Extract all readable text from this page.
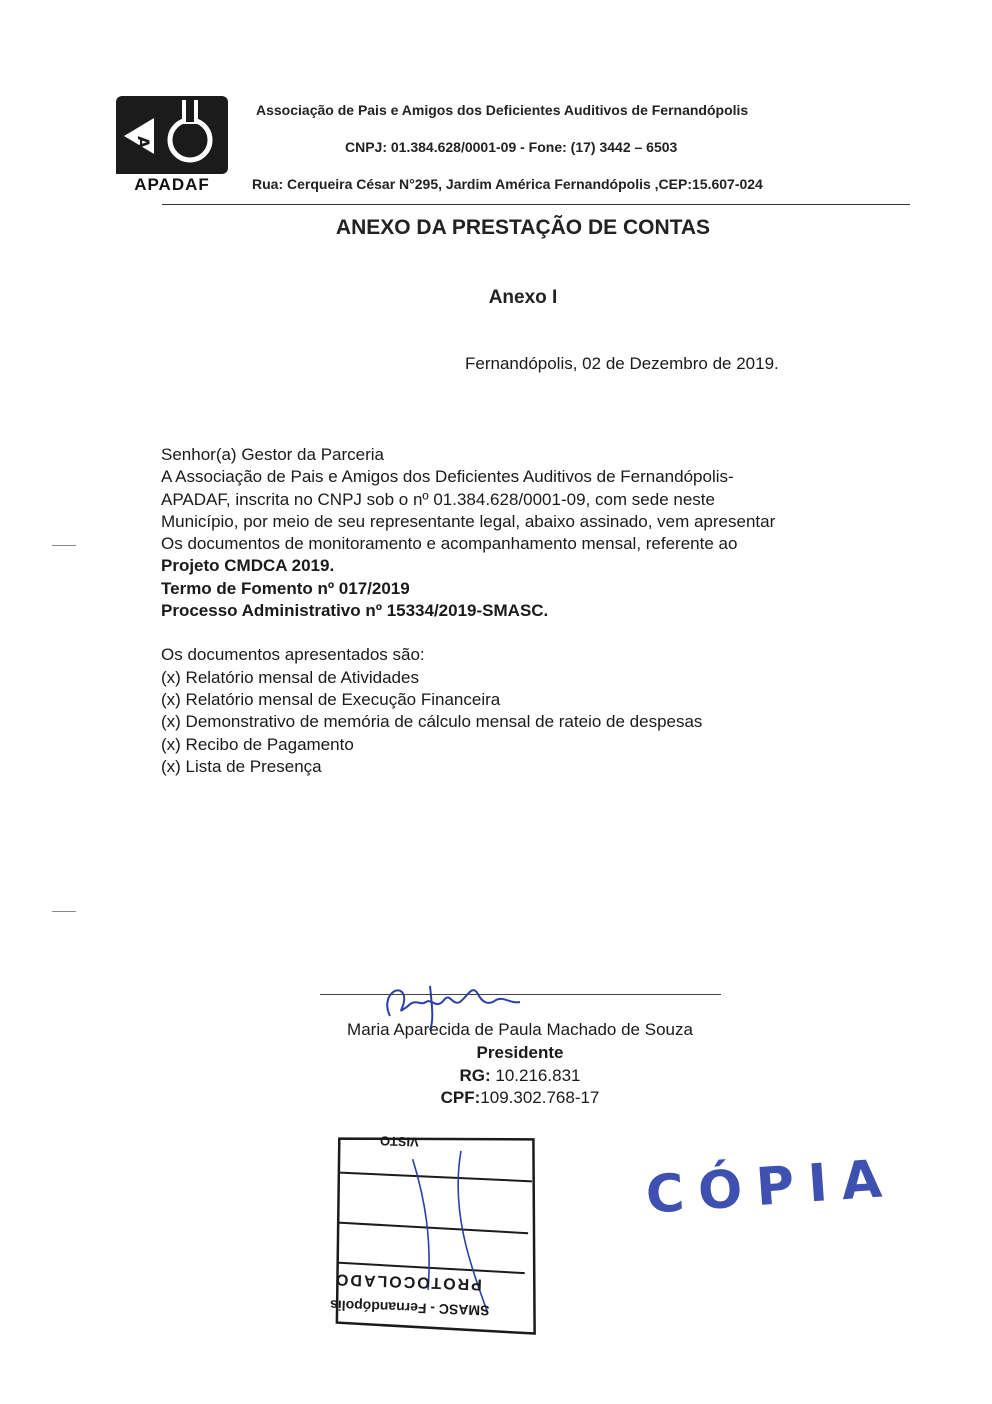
A
APADAF
Associação de Pais e Amigos dos Deficientes Auditivos de Fernandópolis
CNPJ: 01.384.628/0001-09 - Fone: (17) 3442 – 6503
Rua: Cerqueira César N°295, Jardim América Fernandópolis ,CEP:15.607-024
ANEXO DA PRESTAÇÃO DE CONTAS
Anexo I
Fernandópolis, 02 de Dezembro de 2019.

Senhor(a) Gestor da Parceria

A Associação de Pais e Amigos dos Deficientes Auditivos de Fernandópolis-

APADAF, inscrita no CNPJ sob o nº 01.384.628/0001-09, com sede neste

Município, por meio de seu representante legal, abaixo assinado, vem apresentar

Os documentos de monitoramento e acompanhamento mensal, referente ao

Projeto CMDCA 2019.

Termo de Fomento nº 017/2019

Processo Administrativo nº 15334/2019-SMASC.

Os documentos apresentados são:

(x) Relatório mensal de Atividades

(x) Relatório mensal de Execução Financeira

(x) Demonstrativo de memória de cálculo mensal de rateio de despesas

(x) Recibo de Pagamento

(x) Lista de Presença

Maria Aparecida de Paula Machado de Souza
Presidente
RG: 10.216.831
CPF:109.302.768-17
VISTO
PROTOCOLADO
SMASC - Fernandópolis
CÓPIA
